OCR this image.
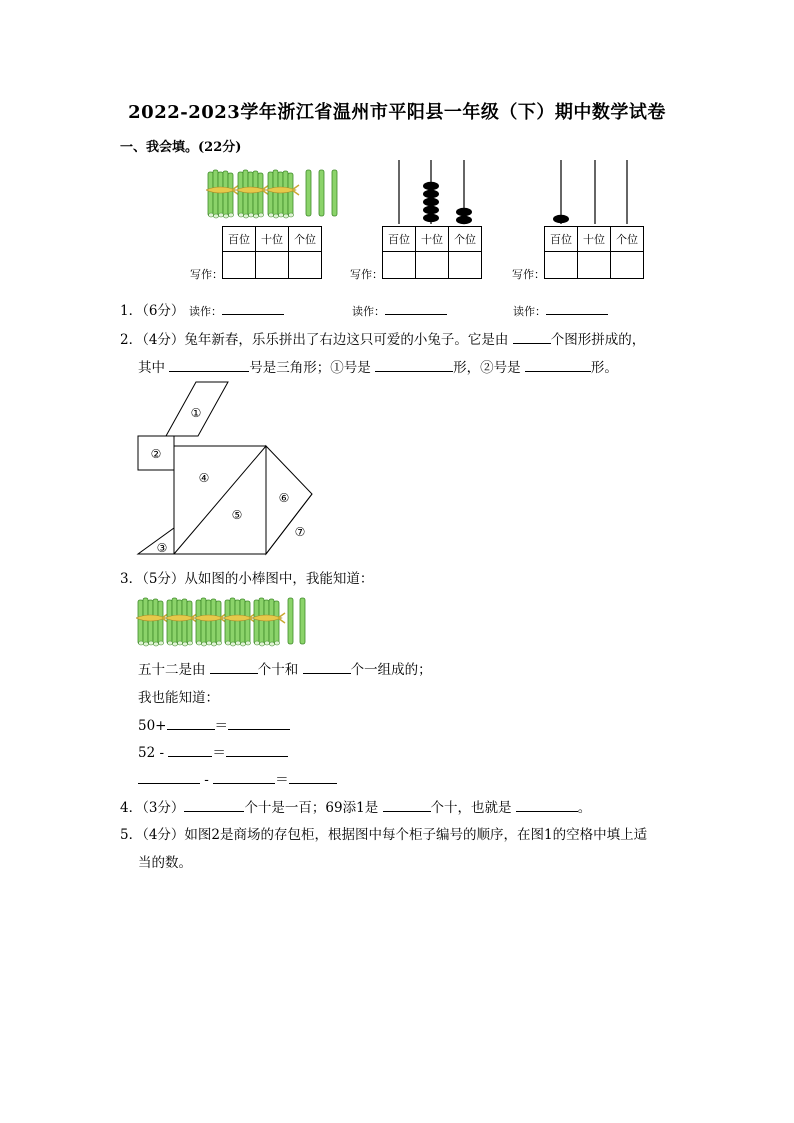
2022-2023学年浙江省温州市平阳县一年级（下）期中数学试卷
一、我会填。(22分)
百位	十位	个位
			百位	十位	个位
			百位	十位	个位

写作：	写作：	写作：
1．（6分） 读作：	读作：	读作：
2．（4分）兔年新春，乐乐拼出了右边这只可爱的小兔子。它是由	个图形拼成的，
其中	号是三角形；①号是	形，②号是	形。
①
②
③
④
⑤
⑥
⑦
3．（5分）从如图的小棒图中，我能知道：
五十二是由	个十和	个一组成的；
我也能知道：
50+	＝
52 -	＝
-	＝
4．（3分）	个十是一百；69添1是	个十，也就是	。
5．（4分）如图2是商场的存包柜，根据图中每个柜子编号的顺序，在图1的空格中填上适
当的数。
